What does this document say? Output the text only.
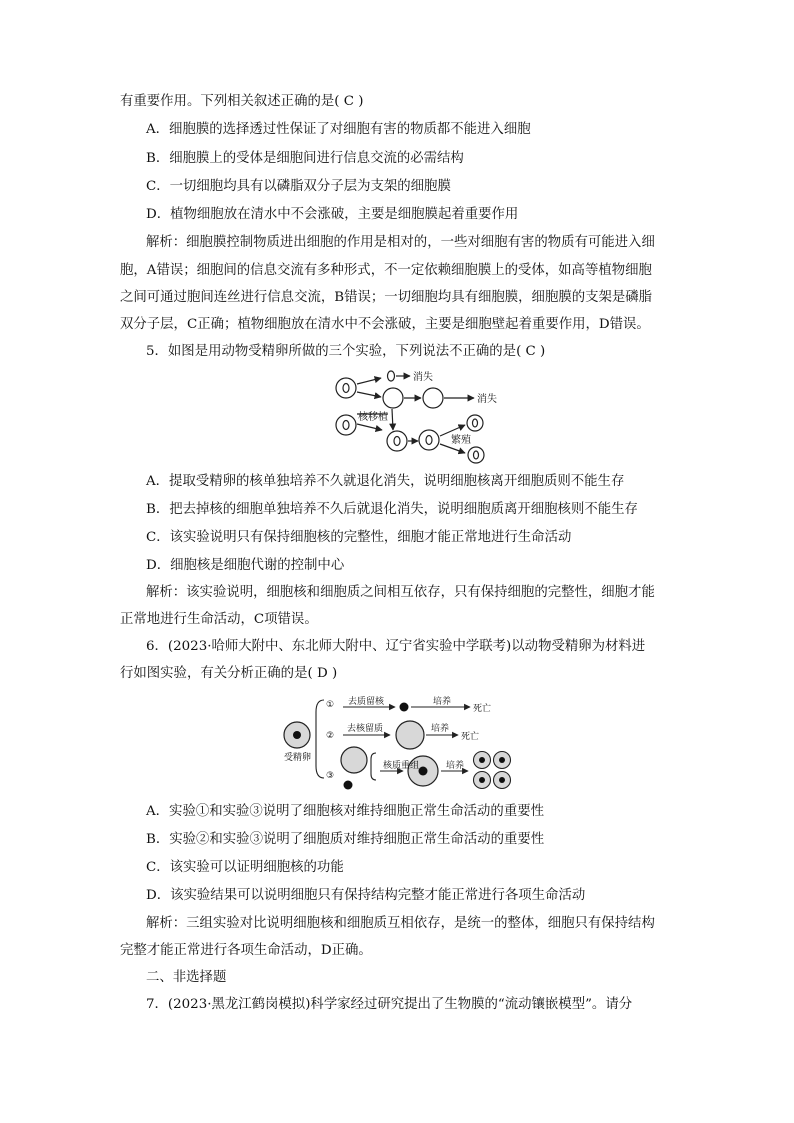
有重要作用。下列相关叙述正确的是( C )
A．细胞膜的选择透过性保证了对细胞有害的物质都不能进入细胞
B．细胞膜上的受体是细胞间进行信息交流的必需结构
C．一切细胞均具有以磷脂双分子层为支架的细胞膜
D．植物细胞放在清水中不会涨破，主要是细胞膜起着重要作用
解析：细胞膜控制物质进出细胞的作用是相对的，一些对细胞有害的物质有可能进入细
胞，A错误；细胞间的信息交流有多种形式，不一定依赖细胞膜上的受体，如高等植物细胞
之间可通过胞间连丝进行信息交流，B错误；一切细胞均具有细胞膜，细胞膜的支架是磷脂
双分子层，C正确；植物细胞放在清水中不会涨破，主要是细胞壁起着重要作用，D错误。
5．如图是用动物受精卵所做的三个实验，下列说法不正确的是( C )
消失
消失
核移植
繁殖
A．提取受精卵的核单独培养不久就退化消失，说明细胞核离开细胞质则不能生存
B．把去掉核的细胞单独培养不久后就退化消失，说明细胞质离开细胞核则不能生存
C．该实验说明只有保持细胞核的完整性，细胞才能正常地进行生命活动
D．细胞核是细胞代谢的控制中心
解析：该实验说明，细胞核和细胞质之间相互依存，只有保持细胞的完整性，细胞才能
正常地进行生命活动，C项错误。
6．(2023·哈师大附中、东北师大附中、辽宁省实验中学联考)以动物受精卵为材料进
行如图实验，有关分析正确的是( D )
①
②
③
去质留核
去核留质
核质重组
培养
培养
培养
死亡
死亡
受精卵
A．实验①和实验③说明了细胞核对维持细胞正常生命活动的重要性
B．实验②和实验③说明了细胞质对维持细胞正常生命活动的重要性
C．该实验可以证明细胞核的功能
D．该实验结果可以说明细胞只有保持结构完整才能正常进行各项生命活动
解析：三组实验对比说明细胞核和细胞质互相依存，是统一的整体，细胞只有保持结构
完整才能正常进行各项生命活动，D正确。
二、非选择题
7．(2023·黑龙江鹤岗模拟)科学家经过研究提出了生物膜的“流动镶嵌模型”。请分
